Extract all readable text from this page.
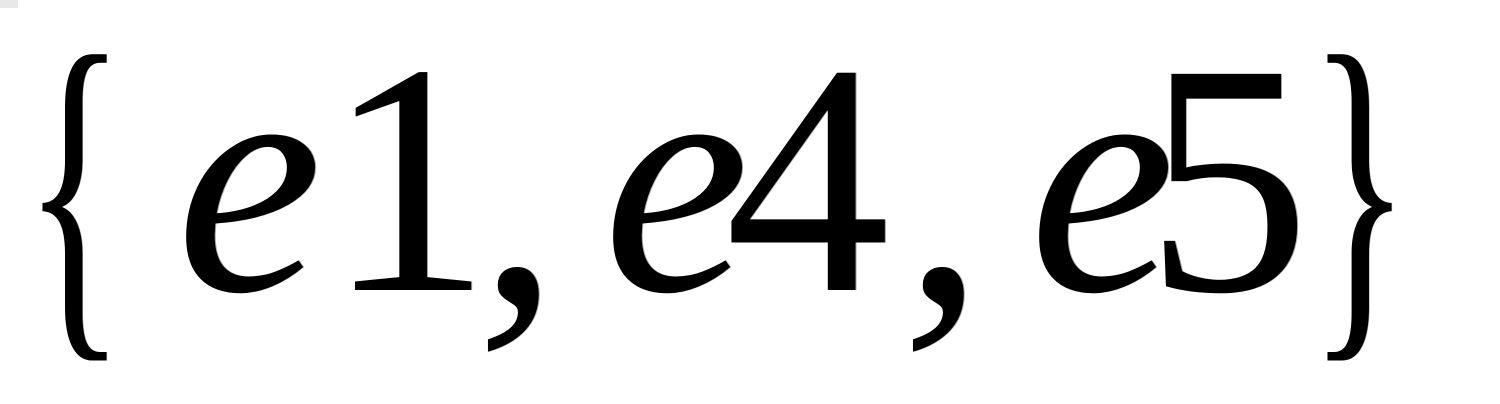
{ e 1
, e
4 , e
5
}
